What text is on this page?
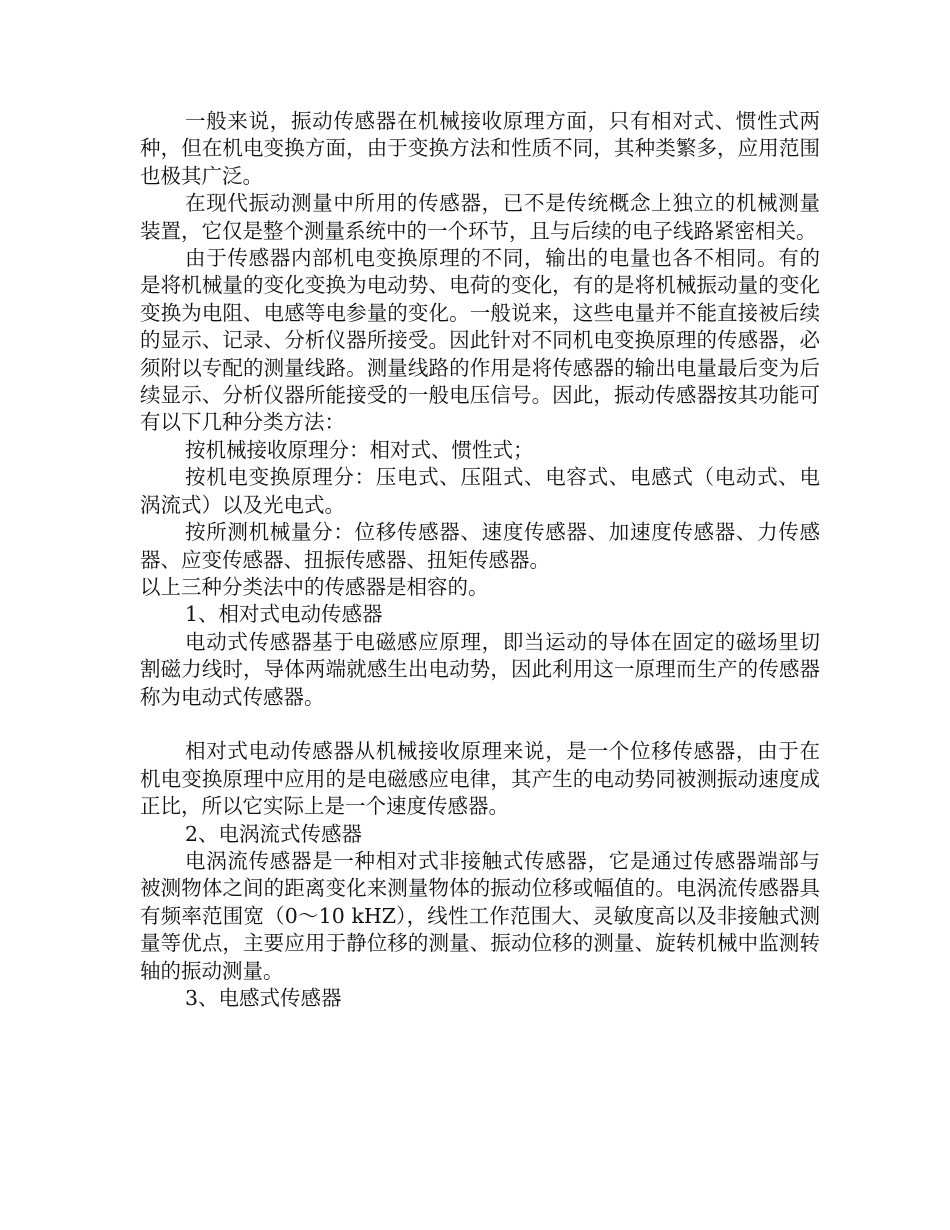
一般来说，振动传感器在机械接收原理方面，只有相对式、惯性式两种，但在机电变换方面，由于变换方法和性质不同，其种类繁多，应用范围也极其广泛。

在现代振动测量中所用的传感器，已不是传统概念上独立的机械测量装置，它仅是整个测量系统中的一个环节，且与后续的电子线路紧密相关。

由于传感器内部机电变换原理的不同，输出的电量也各不相同。有的是将机械量的变化变换为电动势、电荷的变化，有的是将机械振动量的变化变换为电阻、电感等电参量的变化。一般说来，这些电量并不能直接被后续的显示、记录、分析仪器所接受。因此针对不同机电变换原理的传感器，必须附以专配的测量线路。测量线路的作用是将传感器的输出电量最后变为后续显示、分析仪器所能接受的一般电压信号。因此，振动传感器按其功能可有以下几种分类方法：

按机械接收原理分：相对式、惯性式；

按机电变换原理分：压电式、压阻式、电容式、电感式（电动式、电涡流式）以及光电式。

按所测机械量分：位移传感器、速度传感器、加速度传感器、力传感器、应变传感器、扭振传感器、扭矩传感器。

以上三种分类法中的传感器是相容的。

1、相对式电动传感器

电动式传感器基于电磁感应原理，即当运动的导体在固定的磁场里切割磁力线时，导体两端就感生出电动势，因此利用这一原理而生产的传感器称为电动式传感器。

相对式电动传感器从机械接收原理来说，是一个位移传感器，由于在机电变换原理中应用的是电磁感应电律，其产生的电动势同被测振动速度成正比，所以它实际上是一个速度传感器。

2、电涡流式传感器

电涡流传感器是一种相对式非接触式传感器，它是通过传感器端部与被测物体之间的距离变化来测量物体的振动位移或幅值的。电涡流传感器具有频率范围宽（0～10 kHZ），线性工作范围大、灵敏度高以及非接触式测量等优点，主要应用于静位移的测量、振动位移的测量、旋转机械中监测转轴的振动测量。

3、电感式传感器
